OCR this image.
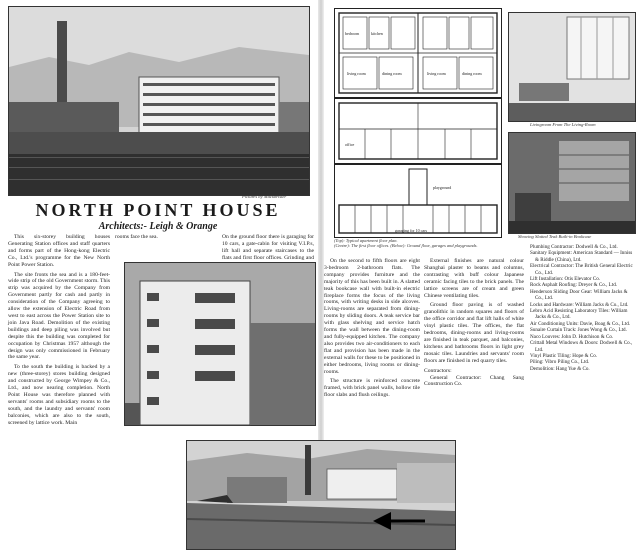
Pictures by Mackbrister
NORTH POINT HOUSE
Architects:- Leigh & Orange

This six-storey building houses Generating Station offices and staff quarters and forms part of the Hong-kong Electric Co., Ltd.'s programme for the New North Point Power Station.

The site fronts the sea and is a 180-feet-wide strip of the old Government storm. This strip was acquired by the Company from Government partly for cash and partly in consideration of the Company agreeing to allow the extension of Electric Road from west to east across the Power Station site to join Java Road. Demolition of the existing buildings and deep piling was involved but despite this the building was completed for occupation by Christmas 1957 although the design was only commissioned in February the same year.

To the south the building is backed by a new (three-storey) stores building designed and constructed by George Wimpey & Co., Ltd., and now nearing completion. North Point House was therefore planned with servants' rooms and subsidiary rooms to the south, and the laundry and servants' room balconies, which are also to the south, screened by lattice work. Main

rooms face the sea.	On the ground floor there is garaging for 10 cars, a gate-cabin for visiting V.I.P.s, lift hall and separate staircases to the flats and first floor offices. Grinding and

living room	dining room	living room	dining room
bedroom	kitchen
office
garaging for 10 cars
playground
(Top): Typical apartment floor plan.
(Centre): The first floor offices. (Below): Ground floor, garages and playgrounds.
Livingroom From The Living-Room
Showing Slatted Teak Built-in Bookcase

On the second to fifth floors are eight 3-bedroom 2-bathroom flats. The company provides furniture and the majority of this has been built in. A slatted teak bookcase wall with built-in electric fireplace forms the focus of the living rooms, with writing desks in side alcoves. Living-rooms are separated from dining-rooms by sliding doors. A teak service bar with glass shelving and service hatch forms the wall between the dining-room and fully-equipped kitchen. The company also provides two air-conditioners to each flat and provision has been made in the external walls for these to be positioned in either bedrooms, living rooms or dining-rooms.

The structure is reinforced concrete framed, with brick panel walls, hollow tile floor slabs and flush ceilings.

External finishes are natural colour Shanghai plaster to beams and columns, contrasting with buff colour Japanese ceramic facing tiles to the brick panels. The lattice screens are of cream and green Chinese ventilating tiles.

Ground floor paving is of washed granolithic in random squares and floors of the office corridor and flat lift halls of white vinyl plastic tiles. The offices, the flat bedrooms, dining-rooms and living-rooms are finished in teak parquet, and balconies, kitchens and bathrooms floors in light grey mosaic tiles. Laundries and servants' room floors are finished in red quarry tiles.

Contractors:

General Contractor: Chang Sang Construction Co.

Plumbing Contractor: Dodwell & Co., Ltd.
Sanitary Equipment: American Standard — Inniss & Riddle (China), Ltd.
Electrical Contractor: The British General Electric Co., Ltd.
Lift Installation: Otis Elevator Co.
Rock Asphalt Roofing: Dreyer & Co., Ltd.
Henderson Sliding Door Gear: William Jacks & Co., Ltd.
Locks and Hardware: William Jacks & Co., Ltd.
Lebro Acid Resisting Laboratory Tiles: William Jacks & Co., Ltd.
Air Conditioning Units: Davie, Boag & Co., Ltd.
Sunaire Curtain Track: Jones Wong & Co., Ltd.
Naco Louvres: John D. Hutchison & Co.
Crittall Metal Windows & Doors: Dodwell & Co., Ltd.
Vinyl Plastic Tiling: Hope & Co.
Piling: Vibro Piling Co., Ltd.
Demolition: Hang Yue & Co.
